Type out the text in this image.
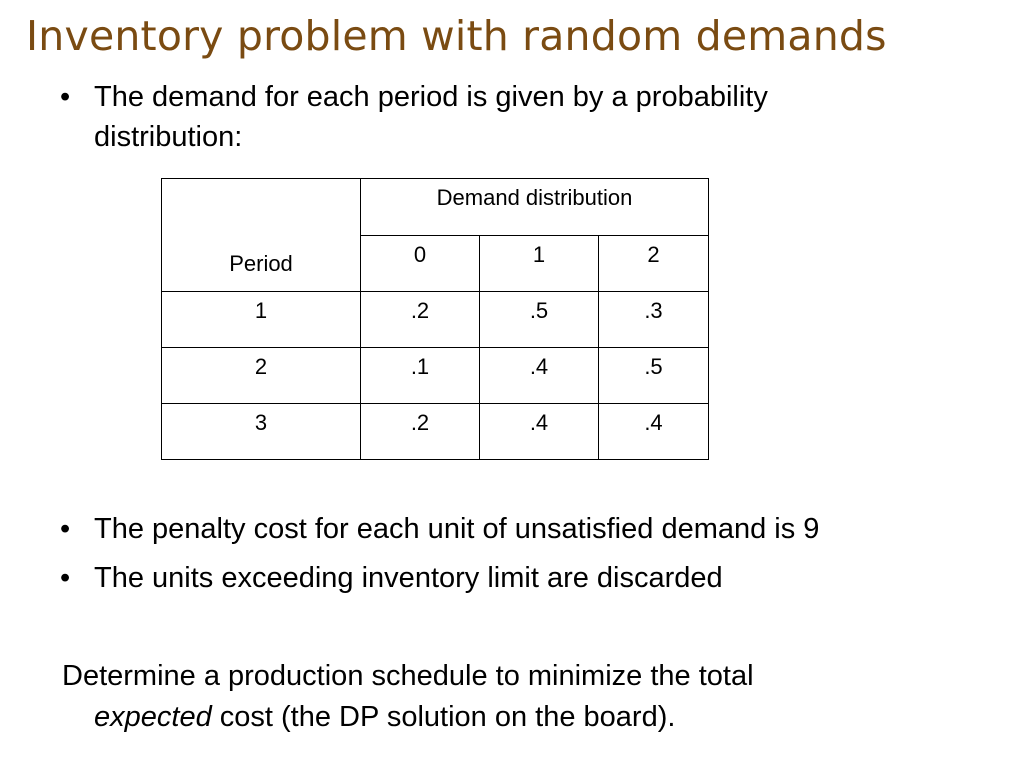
Inventory problem with random demands
• The demand for each period is given by a probability distribution:
Period	Demand distribution		
	0	1	2
1	.2	.5	.3
2	.1	.4	.5
3	.2	.4	.4
• The penalty cost for each unit of unsatisfied demand is 9
• The units exceeding inventory limit are discarded

Determine a production schedule to minimize the total
expected cost (the DP solution on the board).
